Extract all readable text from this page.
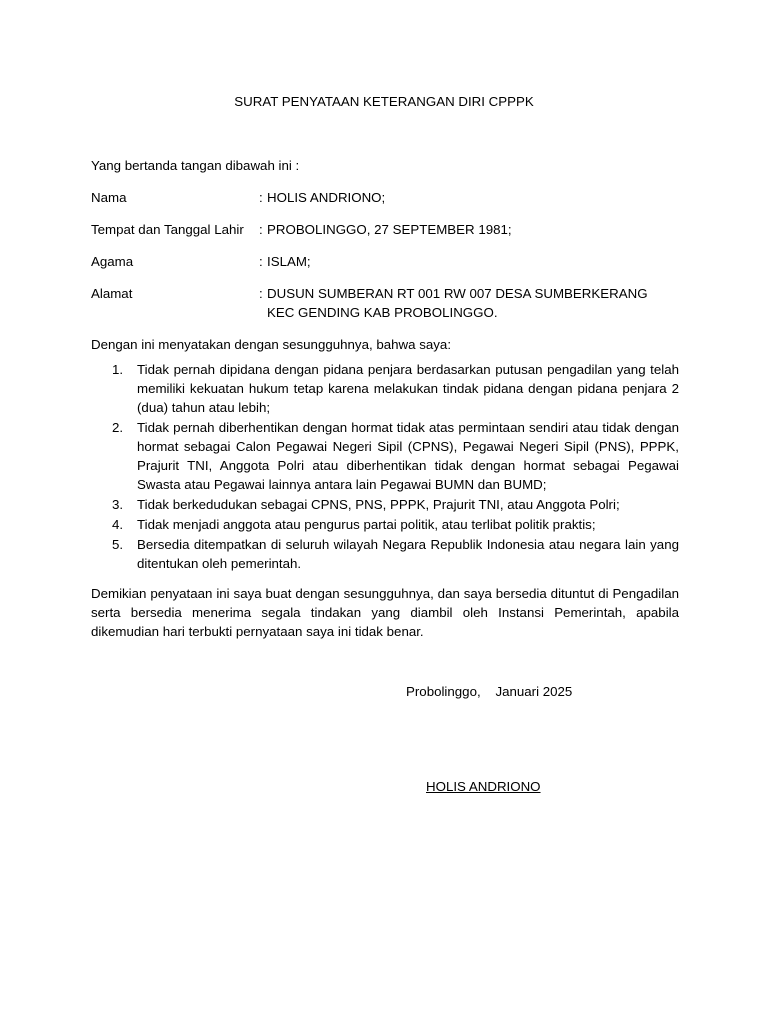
SURAT PENYATAAN KETERANGAN DIRI CPPPK

Yang bertanda tangan dibawah ini :

Nama	: HOLIS ANDRIONO;
Tempat dan Tanggal Lahir	: PROBOLINGGO, 27 SEPTEMBER 1981;
Agama	: ISLAM;
Alamat	: DUSUN SUMBERAN RT 001 RW 007 DESA SUMBERKERANG KEC GENDING KAB PROBOLINGGO.

Dengan ini menyatakan dengan sesungguhnya, bahwa saya:

1.	Tidak pernah dipidana dengan pidana penjara berdasarkan putusan pengadilan yang telah memiliki kekuatan hukum tetap karena melakukan tindak pidana dengan pidana penjara 2 (dua) tahun atau lebih;
2.	Tidak pernah diberhentikan dengan hormat tidak atas permintaan sendiri atau tidak dengan hormat sebagai Calon Pegawai Negeri Sipil (CPNS), Pegawai Negeri Sipil (PNS), PPPK, Prajurit TNI, Anggota Polri atau diberhentikan tidak dengan hormat sebagai Pegawai Swasta atau Pegawai lainnya antara lain Pegawai BUMN dan BUMD;
3.	Tidak berkedudukan sebagai CPNS, PNS, PPPK, Prajurit TNI, atau Anggota Polri;
4.	Tidak menjadi anggota atau pengurus partai politik, atau terlibat politik praktis;
5.	Bersedia ditempatkan di seluruh wilayah Negara Republik Indonesia atau negara lain yang ditentukan oleh pemerintah.

Demikian penyataan ini saya buat dengan sesungguhnya, dan saya bersedia dituntut di Pengadilan serta bersedia menerima segala tindakan yang diambil oleh Instansi Pemerintah, apabila dikemudian hari terbukti pernyataan saya ini tidak benar.

Probolinggo,    Januari 2025
HOLIS ANDRIONO
